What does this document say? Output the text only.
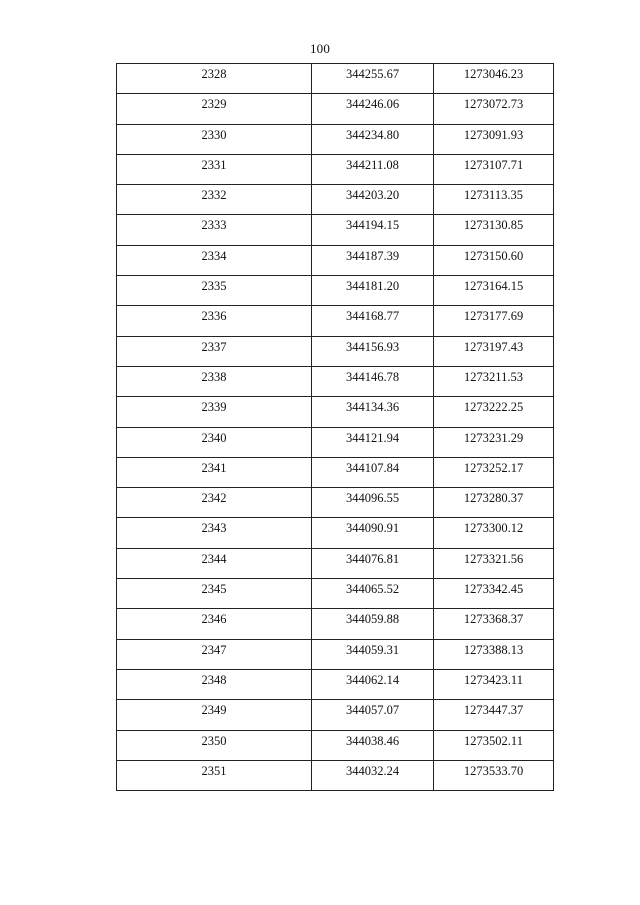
100
2328	344255.67	1273046.23
2329	344246.06	1273072.73
2330	344234.80	1273091.93
2331	344211.08	1273107.71
2332	344203.20	1273113.35
2333	344194.15	1273130.85
2334	344187.39	1273150.60
2335	344181.20	1273164.15
2336	344168.77	1273177.69
2337	344156.93	1273197.43
2338	344146.78	1273211.53
2339	344134.36	1273222.25
2340	344121.94	1273231.29
2341	344107.84	1273252.17
2342	344096.55	1273280.37
2343	344090.91	1273300.12
2344	344076.81	1273321.56
2345	344065.52	1273342.45
2346	344059.88	1273368.37
2347	344059.31	1273388.13
2348	344062.14	1273423.11
2349	344057.07	1273447.37
2350	344038.46	1273502.11
2351	344032.24	1273533.70
